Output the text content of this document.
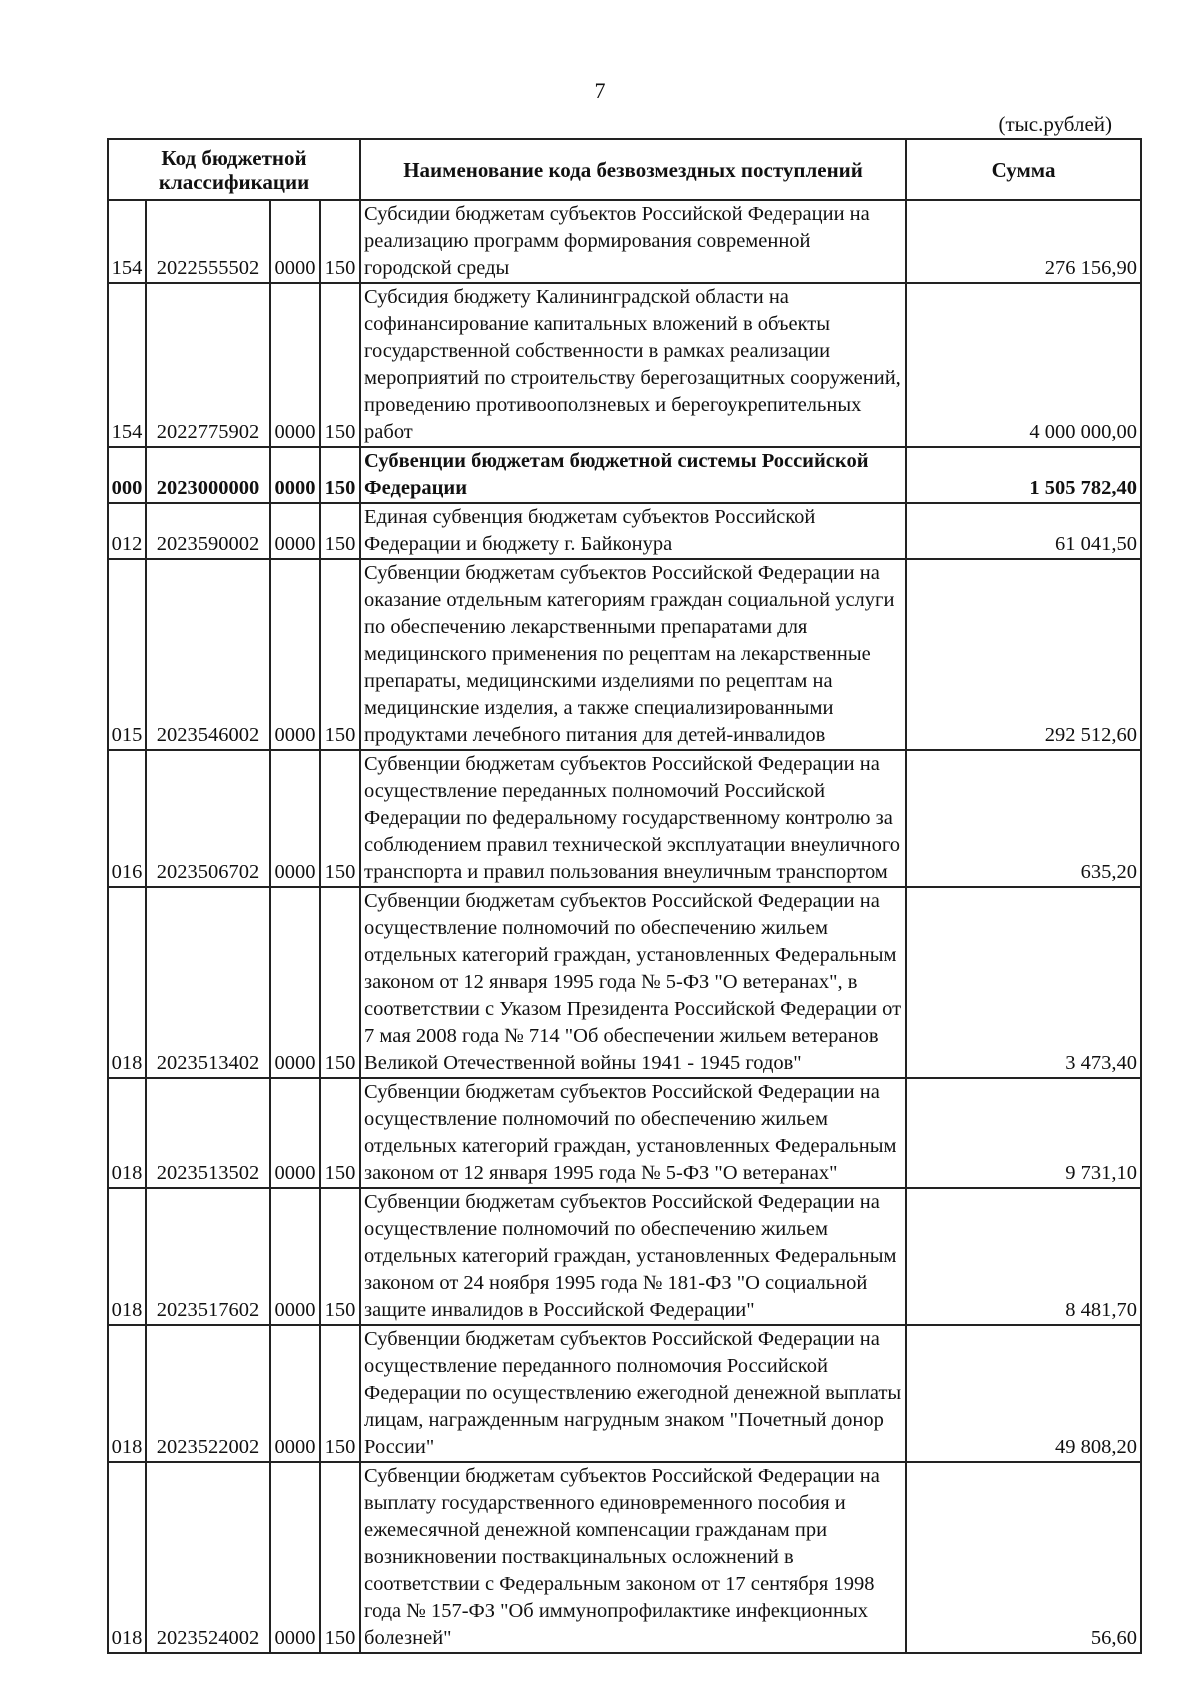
7
(тыс.рублей)
Код бюджетной классификации				Наименование кода безвозмездных поступлений	Сумма
154	2022555502	0000	150	Субсидии бюджетам субъектов Российской Федерации на реализацию программ формирования современной городской среды	276 156,90
154	2022775902	0000	150	Субсидия бюджету Калининградской области на софинансирование капитальных вложений в объекты государственной собственности в рамках реализации мероприятий по строительству берегозащитных сооружений, проведению противооползневых и берегоукрепительных работ	4 000 000,00
000	2023000000	0000	150	Субвенции бюджетам бюджетной системы Российской Федерации	1 505 782,40
012	2023590002	0000	150	Единая субвенция бюджетам субъектов Российской Федерации и бюджету г. Байконура	61 041,50
015	2023546002	0000	150	Субвенции бюджетам субъектов Российской Федерации на оказание отдельным категориям граждан социальной услуги по обеспечению лекарственными препаратами для медицинского применения по рецептам на лекарственные препараты, медицинскими изделиями по рецептам на медицинские изделия, а также специализированными продуктами лечебного питания для детей-инвалидов	292 512,60
016	2023506702	0000	150	Субвенции бюджетам субъектов Российской Федерации на осуществление переданных полномочий Российской Федерации по федеральному государственному контролю за соблюдением правил технической эксплуатации внеуличного транспорта и правил пользования внеуличным транспортом	635,20
018	2023513402	0000	150	Субвенции бюджетам субъектов Российской Федерации на осуществление полномочий по обеспечению жильем отдельных категорий граждан, установленных Федеральным законом от 12 января 1995 года № 5-ФЗ "О ветеранах", в соответствии с Указом Президента Российской Федерации от 7 мая 2008 года № 714 "Об обеспечении жильем ветеранов Великой Отечественной войны 1941 - 1945 годов"	3 473,40
018	2023513502	0000	150	Субвенции бюджетам субъектов Российской Федерации на осуществление полномочий по обеспечению жильем отдельных категорий граждан, установленных Федеральным законом от 12 января 1995 года № 5-ФЗ "О ветеранах"	9 731,10
018	2023517602	0000	150	Субвенции бюджетам субъектов Российской Федерации на осуществление полномочий по обеспечению жильем отдельных категорий граждан, установленных Федеральным законом от 24 ноября 1995 года № 181-ФЗ "О социальной защите инвалидов в Российской Федерации"	8 481,70
018	2023522002	0000	150	Субвенции бюджетам субъектов Российской Федерации на осуществление переданного полномочия Российской Федерации по осуществлению ежегодной денежной выплаты лицам, награжденным нагрудным знаком "Почетный донор России"	49 808,20
018	2023524002	0000	150	Субвенции бюджетам субъектов Российской Федерации на выплату государственного единовременного пособия и ежемесячной денежной компенсации гражданам при возникновении поствакцинальных осложнений в соответствии с Федеральным законом от 17 сентября 1998 года № 157-ФЗ "Об иммунопрофилактике инфекционных болезней"	56,60
